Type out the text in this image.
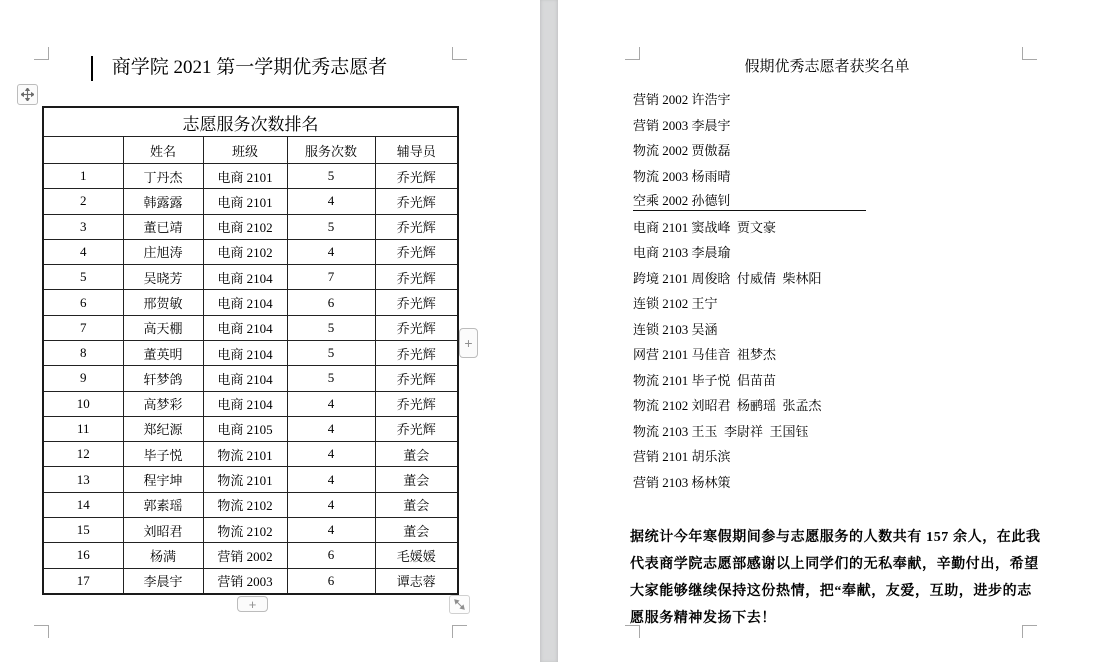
商学院 2021 第一学期优秀志愿者
志愿服务次数排名				
	姓名	班级	服务次数	辅导员
1	丁丹杰	电商 2101	5	乔光辉
2	韩露露	电商 2101	4	乔光辉
3	董已靖	电商 2102	5	乔光辉
4	庄旭涛	电商 2102	4	乔光辉
5	吴晓芳	电商 2104	7	乔光辉
6	邢贺敏	电商 2104	6	乔光辉
7	高天棚	电商 2104	5	乔光辉
8	董英明	电商 2104	5	乔光辉
9	轩梦鸽	电商 2104	5	乔光辉
10	高梦彩	电商 2104	4	乔光辉
11	郑纪源	电商 2105	4	乔光辉
12	毕子悦	物流 2101	4	董会
13	程宇坤	物流 2101	4	董会
14	郭素瑶	物流 2102	4	董会
15	刘昭君	物流 2102	4	董会
16	杨满	营销 2002	6	毛媛媛
17	李晨宇	营销 2003	6	谭志蓉
+
+
假期优秀志愿者获奖名单
营销 2002 许浩宇
营销 2003 李晨宇
物流 2002 贾傲磊
物流 2003 杨雨晴
空乘 2002 孙德钊
电商 2101 窦战峰  贾文豪
电商 2103 李晨瑜
跨境 2101 周俊晗  付威倩  柴林阳
连锁 2102 王宁
连锁 2103 吴涵
网营 2101 马佳音  祖梦杰
物流 2101 毕子悦  侣苗苗
物流 2102 刘昭君  杨鹂瑶  张孟杰
物流 2103 王玉  李尉祥  王国钰
营销 2101 胡乐滨
营销 2103 杨林策
据统计今年寒假期间参与志愿服务的人数共有 157 余人，在此我
代表商学院志愿部感谢以上同学们的无私奉献，辛勤付出，希望
大家能够继续保持这份热情，把“奉献，友爱，互助，进步的志
愿服务精神发扬下去！
